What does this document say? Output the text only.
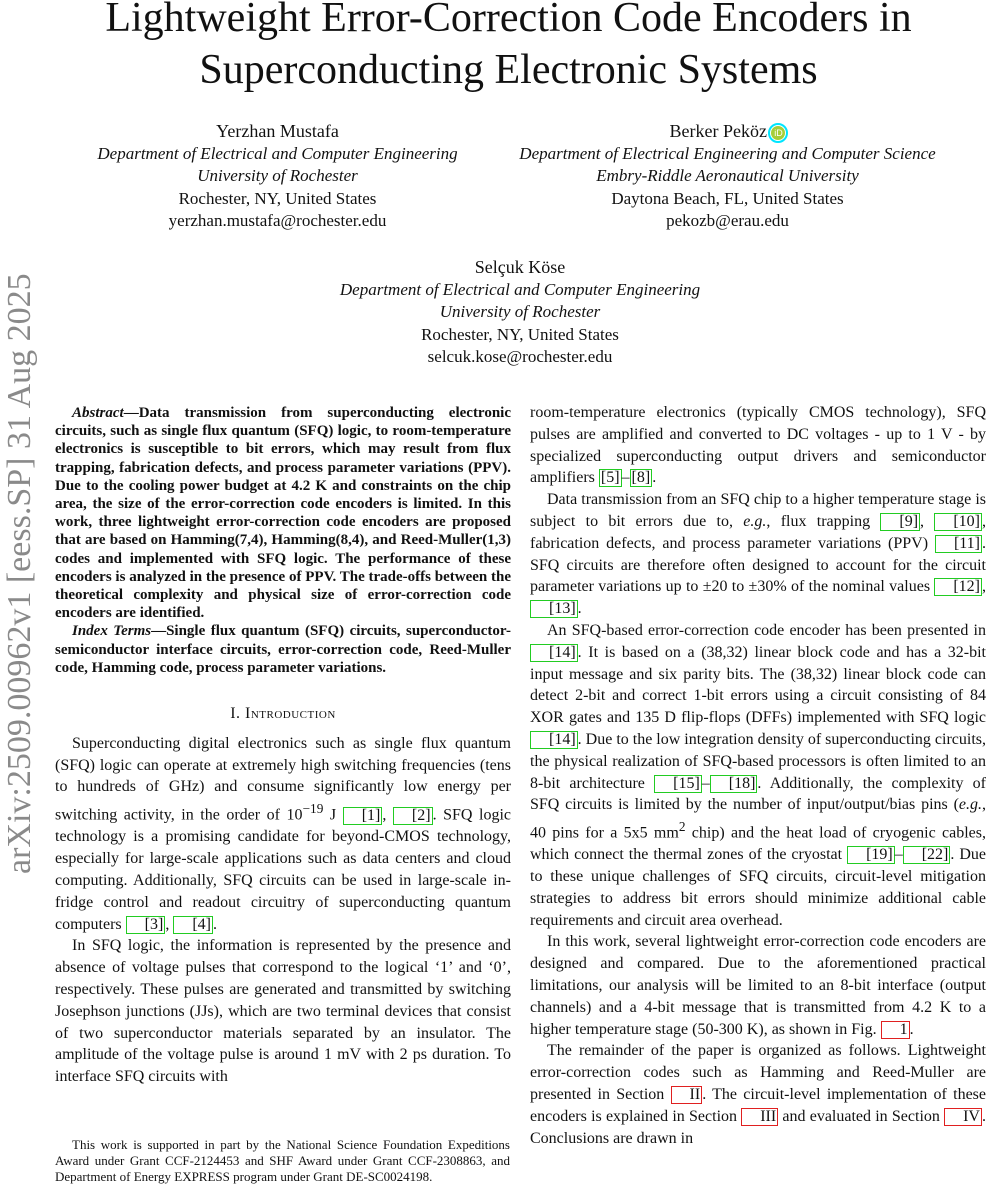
arXiv:2509.00962v1 [eess.SP] 31 Aug 2025
Lightweight Error-Correction Code Encoders in Superconducting Electronic Systems
Yerzhan Mustafa
Department of Electrical and Computer Engineering
University of Rochester
Rochester, NY, United States
yerzhan.mustafa@rochester.edu
Berker Peköz iD
Department of Electrical Engineering and Computer Science
Embry-Riddle Aeronautical University
Daytona Beach, FL, United States
pekozb@erau.edu
Selçuk Köse
Department of Electrical and Computer Engineering
University of Rochester
Rochester, NY, United States
selcuk.kose@rochester.edu

Abstract—Data transmission from superconducting electronic circuits, such as single flux quantum (SFQ) logic, to room-temperature electronics is susceptible to bit errors, which may result from flux trapping, fabrication defects, and process parameter variations (PPV). Due to the cooling power budget at 4.2 K and constraints on the chip area, the size of the error-correction code encoders is limited. In this work, three lightweight error-correction code encoders are proposed that are based on Hamming(7,4), Hamming(8,4), and Reed-Muller(1,3) codes and implemented with SFQ logic. The performance of these encoders is analyzed in the presence of PPV. The trade-offs between the theoretical complexity and physical size of error-correction code encoders are identified.

Index Terms—Single flux quantum (SFQ) circuits, superconductor-semiconductor interface circuits, error-correction code, Reed-Muller code, Hamming code, process parameter variations.

I. Introduction

Superconducting digital electronics such as single flux quantum (SFQ) logic can operate at extremely high switching frequencies (tens to hundreds of GHz) and consume significantly low energy per switching activity, in the order of $10^{-19}$ J [1] , [2] . SFQ logic technology is a promising candidate for beyond-CMOS technology, especially for large-scale applications such as data centers and cloud computing. Additionally, SFQ circuits can be used in large-scale in-fridge control and readout circuitry of superconducting quantum computers [3] , [4] .

In SFQ logic, the information is represented by the presence and absence of voltage pulses that correspond to the logical ‘1’ and ‘0’, respectively. These pulses are generated and transmitted by switching Josephson junctions (JJs), which are two terminal devices that consist of two superconductor materials separated by an insulator. The amplitude of the voltage pulse is around 1 mV with 2 ps duration. To interface SFQ circuits with

This work is supported in part by the National Science Foundation Expeditions Award under Grant CCF-2124453 and SHF Award under Grant CCF-2308863, and Department of Energy EXPRESS program under Grant DE-SC0024198.

room-temperature electronics (typically CMOS technology), SFQ pulses are amplified and converted to DC voltages - up to 1 V - by specialized superconducting output drivers and semiconductor amplifiers [5] – [8] .

Data transmission from an SFQ chip to a higher temperature stage is subject to bit errors due to, e.g., flux trapping [9] , [10] , fabrication defects, and process parameter variations (PPV) [11] . SFQ circuits are therefore often designed to account for the circuit parameter variations up to ±20 to ±30% of the nominal values [12] , [13] .

An SFQ-based error-correction code encoder has been presented in [14] . It is based on a (38,32) linear block code and has a 32-bit input message and six parity bits. The (38,32) linear block code can detect 2-bit and correct 1-bit errors using a circuit consisting of 84 XOR gates and 135 D flip-flops (DFFs) implemented with SFQ logic [14] . Due to the low integration density of superconducting circuits, the physical realization of SFQ-based processors is often limited to an 8-bit architecture [15] – [18] . Additionally, the complexity of SFQ circuits is limited by the number of input/output/bias pins (e.g., 40 pins for a 5x5 $mm^2$ chip) and the heat load of cryogenic cables, which connect the thermal zones of the cryostat [19] – [22] . Due to these unique challenges of SFQ circuits, circuit-level mitigation strategies to address bit errors should minimize additional cable requirements and circuit area overhead.

In this work, several lightweight error-correction code encoders are designed and compared. Due to the aforementioned practical limitations, our analysis will be limited to an 8-bit interface (output channels) and a 4-bit message that is transmitted from 4.2 K to a higher temperature stage (50-300 K), as shown in Fig. 1 .

The remainder of the paper is organized as follows. Lightweight error-correction codes such as Hamming and Reed-Muller are presented in Section II . The circuit-level implementation of these encoders is explained in Section III and evaluated in Section IV . Conclusions are drawn in
